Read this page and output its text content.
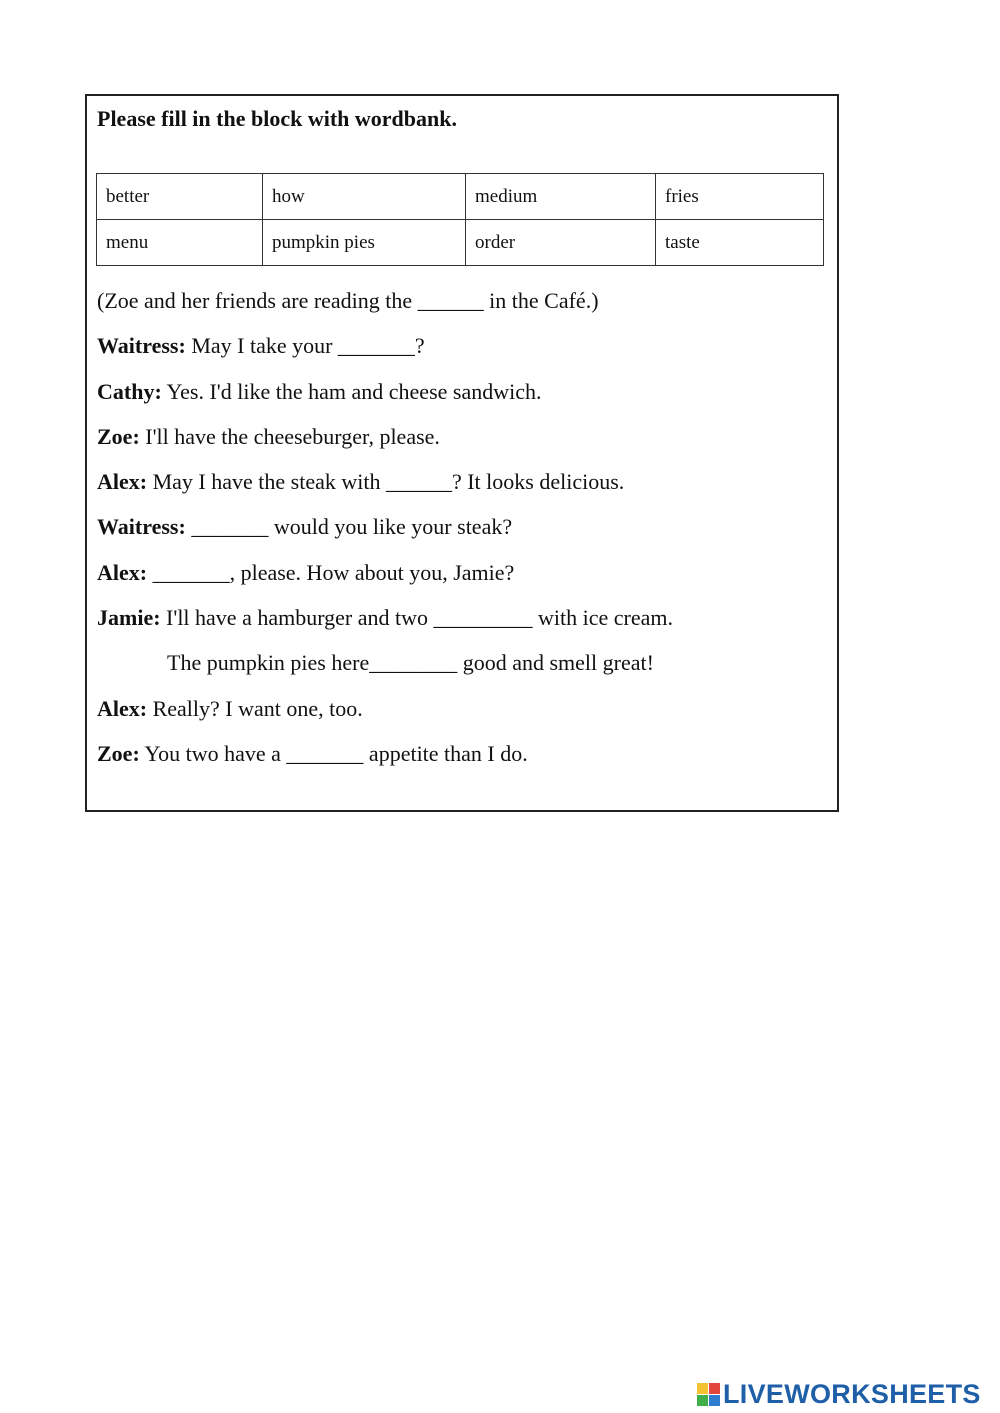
Please fill in the block with wordbank.
better	how	medium	fries
menu	pumpkin pies	order	taste
(Zoe and her friends are reading the ______ in the Café.)
Waitress: May I take your _______?
Cathy: Yes. I'd like the ham and cheese sandwich.
Zoe: I'll have the cheeseburger, please.
Alex: May I have the steak with ______? It looks delicious.
Waitress: _______ would you like your steak?
Alex: _______, please. How about you, Jamie?
Jamie: I'll have a hamburger and two _________ with ice cream.
The pumpkin pies here________ good and smell great!
Alex: Really? I want one, too.
Zoe: You two have a _______ appetite than I do.
LIVEWORKSHEETS
